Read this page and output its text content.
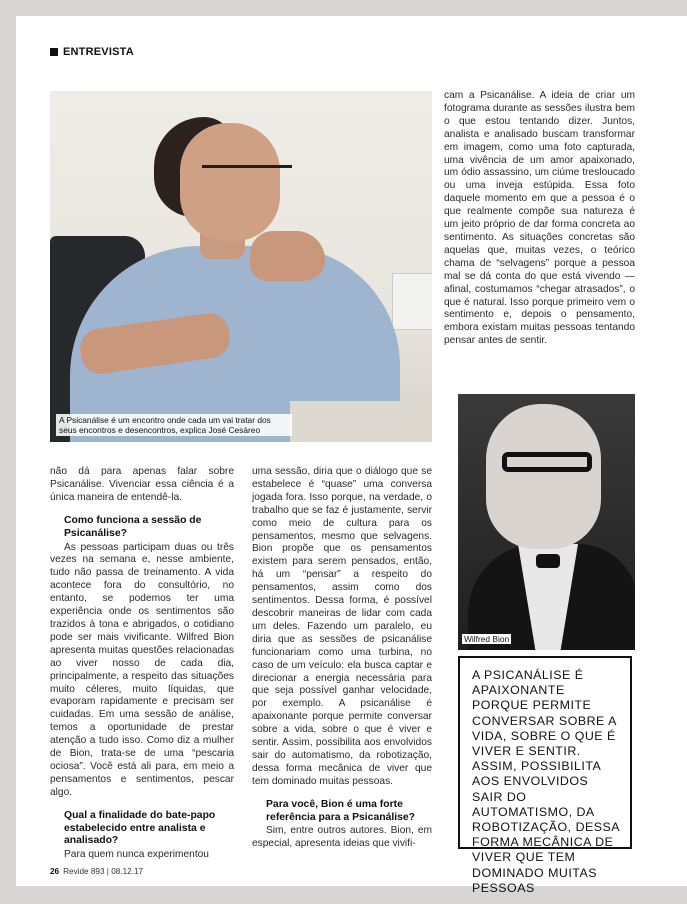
ENTREVISTA
A Psicanálise é um encontro onde cada um vai tratar dos seus encontros e desencontros, explica José Cesáreo

cam a Psicanálise. A ideia de criar um fotograma durante as sessões ilustra bem o que estou tentando dizer. Juntos, analista e analisado buscam transformar em imagem, como uma foto capturada, uma vivência de um amor apaixonado, um ódio assassino, um ciúme tresloucado ou uma inveja estúpida. Essa foto daquele momento em que a pessoa é o que realmente compõe sua natureza é um jeito próprio de dar forma concreta ao sentimento. As situações concretas são aquelas que, muitas vezes, o teórico chama de “selvagens” porque a pessoa mal se dá conta do que está vivendo — afinal, costumamos “chegar atrasados”, o que é natural. Isso porque primeiro vem o sentimento e, depois o pensamento, embora existam muitas pessoas tentando pensar antes de sentir.

não dá para apenas falar sobre Psicanálise. Vivenciar essa ciência é a única maneira de entendê-la.

Como funciona a sessão de Psicanálise?

As pessoas participam duas ou três vezes na semana e, nesse ambiente, tudo não passa de treinamento. A vida acontece fora do consultório, no entanto, se podemos ter uma experiência onde os sentimentos são trazidos à tona e abrigados, o cotidiano pode ser mais vivificante. Wilfred Bion apresenta muitas questões relacionadas ao viver nosso de cada dia, principalmente, a respeito das situações muito céleres, muito líquidas, que evaporam rapidamente e precisam ser cuidadas. Em uma sessão de análise, temos a oportunidade de prestar atenção a tudo isso. Como diz a mulher de Bion, trata-se de uma “pescaria ociosa”. Você está ali para, em meio a pensamentos e sentimentos, pescar algo.

Qual a finalidade do bate-papo estabelecido entre analista e analisado?

Para quem nunca experimentou

uma sessão, diria que o diálogo que se estabelece é “quase” uma conversa jogada fora. Isso porque, na verdade, o trabalho que se faz é justamente, servir como meio de cultura para os pensamentos, mesmo que selvagens. Bion propõe que os pensamentos existem para serem pensados, então, há um “pensar” a respeito do pensamentos, assim como dos sentimentos. Dessa forma, é possível descobrir maneiras de lidar com cada um deles. Fazendo um paralelo, eu diria que as sessões de psicanálise funcionariam como uma turbina, no caso de um veículo: ela busca captar e direcionar a energia necessária para que seja possível ganhar velocidade, por exemplo. A psicanálise é apaixonante porque permite conversar sobre a vida, sobre o que é viver e sentir. Assim, possibilita aos envolvidos sair do automatismo, da robotização, dessa forma mecânica de viver que tem dominado muitas pessoas.

Para você, Bion é uma forte referência para a Psicanálise?

Sim, entre outros autores. Bion, em especial, apresenta ideias que vivifi-

Wilfred Bion
A PSICANÁLISE É APAIXONANTE PORQUE PERMITE CONVERSAR SOBRE A VIDA, SOBRE O QUE É VIVER E SENTIR. ASSIM, POSSIBILITA AOS ENVOLVIDOS SAIR DO AUTOMATISMO, DA ROBOTIZAÇÃO, DESSA FORMA MECÂNICA DE VIVER QUE TEM DOMINADO MUITAS PESSOAS
26 Revide 893 | 08.12.17
